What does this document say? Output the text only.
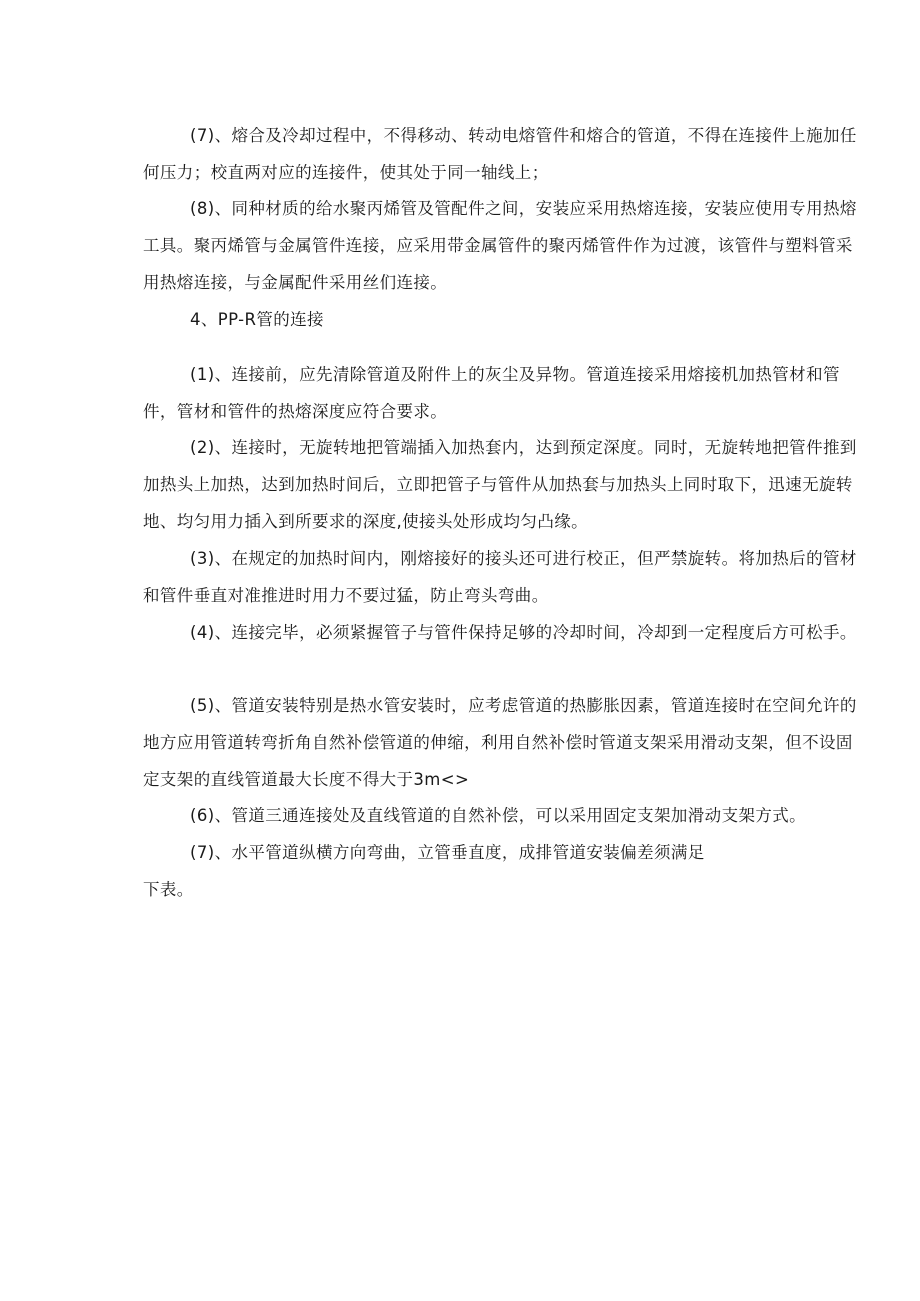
(7)、熔合及冷却过程中，不得移动、转动电熔管件和熔合的管道，不得在连接件上施加任何压力；校直两对应的连接件，使其处于同一轴线上；

(8)、同种材质的给水聚丙烯管及管配件之间，安装应采用热熔连接，安装应使用专用热熔工具。聚丙烯管与金属管件连接，应采用带金属管件的聚丙烯管件作为过渡，该管件与塑料管采用热熔连接，与金属配件采用丝们连接。

4、PP-R管的连接

(1)、连接前，应先清除管道及附件上的灰尘及异物。管道连接采用熔接机加热管材和管件，管材和管件的热熔深度应符合要求。

(2)、连接时，无旋转地把管端插入加热套内，达到预定深度。同时，无旋转地把管件推到加热头上加热，达到加热时间后，立即把管子与管件从加热套与加热头上同时取下，迅速无旋转地、均匀用力插入到所要求的深度,使接头处形成均匀凸缘。

(3)、在规定的加热时间内，刚熔接好的接头还可进行校正，但严禁旋转。将加热后的管材和管件垂直对准推进时用力不要过猛，防止弯头弯曲。

(4)、连接完毕，必须紧握管子与管件保持足够的冷却时间，冷却到一定程度后方可松手。

(5)、管道安装特别是热水管安装时，应考虑管道的热膨胀因素，管道连接时在空间允许的地方应用管道转弯折角自然补偿管道的伸缩，利用自然补偿时管道支架采用滑动支架，但不设固定支架的直线管道最大长度不得大于3m<>

(6)、管道三通连接处及直线管道的自然补偿，可以采用固定支架加滑动支架方式。

(7)、水平管道纵横方向弯曲，立管垂直度，成排管道安装偏差须满足

下表。
